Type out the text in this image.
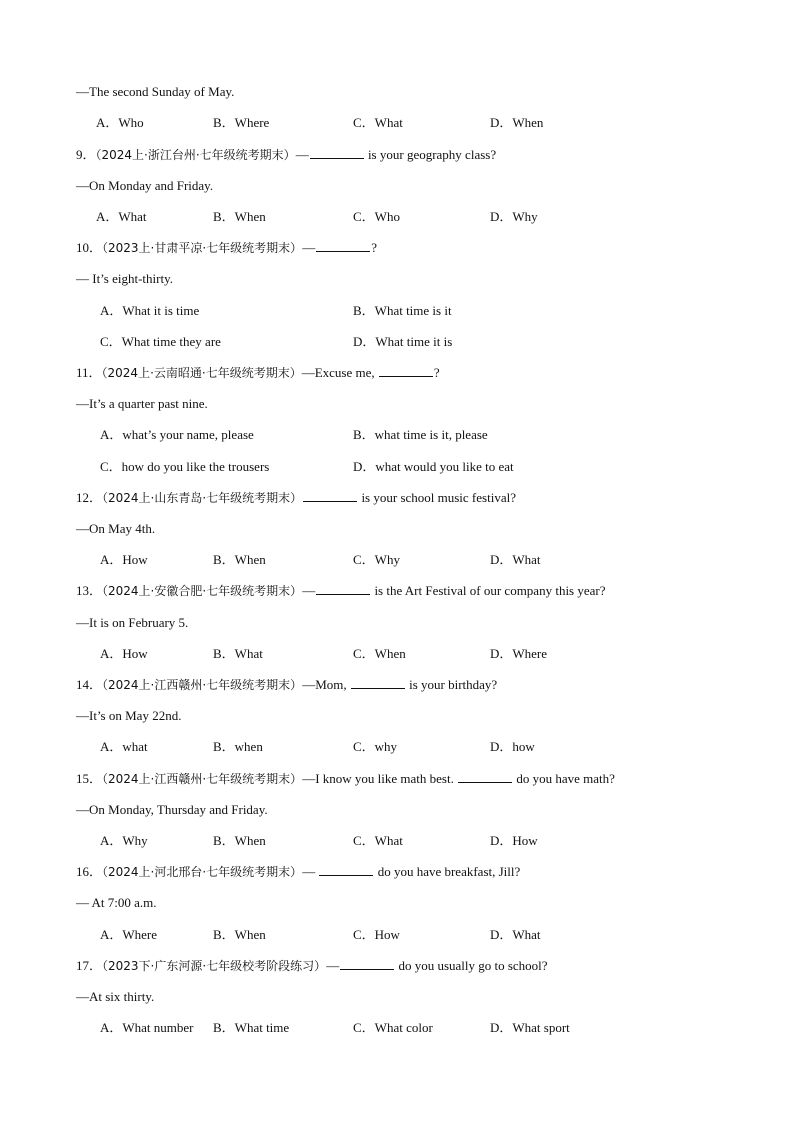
—The second Sunday of May.
A．Who	B．Where	C．What	D．When
9．（2024上·浙江台州·七年级统考期末）—	is your geography class?
—On Monday and Friday.
A．What	B．When	C．Who	D．Why
10．（2023上·甘肃平凉·七年级统考期末）—	?
— It’s eight-thirty.
A．What it is time	B．What time is it
C．What time they are	D．What time it is
11．（2024上·云南昭通·七年级统考期末）—Excuse me,	?
—It’s a quarter past nine.
A．what’s your name, please	B．what time is it, please
C．how do you like the trousers	D．what would you like to eat
12．（2024上·山东青岛·七年级统考期末）	is your school music festival?
—On May 4th.
A．How	B．When	C．Why	D．What
13．（2024上·安徽合肥·七年级统考期末）—	is the Art Festival of our company this year?
—It is on February 5.
A．How	B．What	C．When	D．Where
14．（2024上·江西赣州·七年级统考期末）—Mom,	is your birthday?
—It’s on May 22nd.
A．what	B．when	C．why	D．how
15．（2024上·江西赣州·七年级统考期末）—I know you like math best.	do you have math?
—On Monday, Thursday and Friday.
A．Why	B．When	C．What	D．How
16．（2024上·河北邢台·七年级统考期末）—	do you have breakfast, Jill?
— At 7:00 a.m.
A．Where	B．When	C．How	D．What
17．（2023下·广东河源·七年级校考阶段练习）—	do you usually go to school?
—At six thirty.
A．What number B．What time	C．What color	D．What sport
